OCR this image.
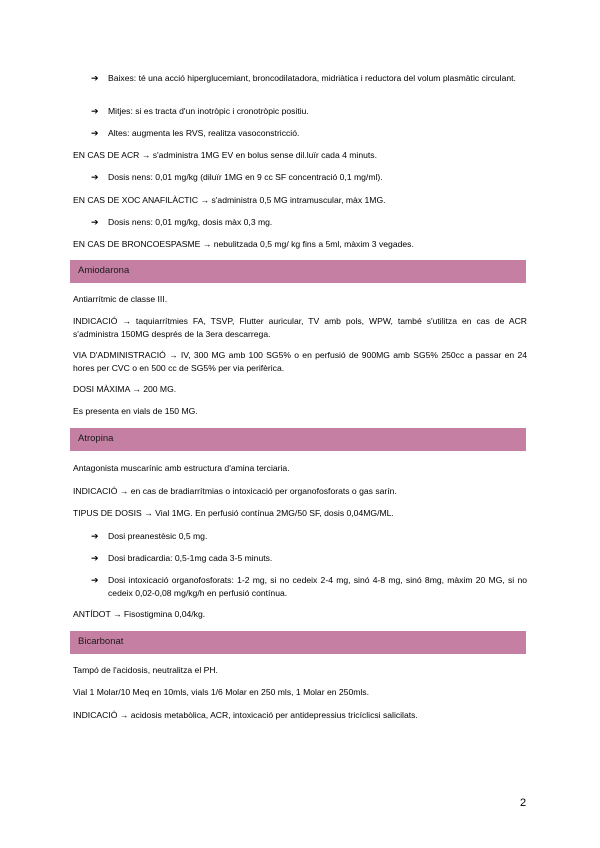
➔ Baixes: té una acció hiperglucemiant, broncodilatadora, midriàtica i reductora del volum plasmàtic circulant.
➔ Mitjes: si es tracta d'un inotròpic i cronotròpic positiu.
➔ Altes: augmenta les RVS, realitza vasoconstricció.
EN CAS DE ACR → s'administra 1MG EV en bolus sense dil.luïr cada 4 minuts.
➔ Dosis nens: 0,01 mg/kg (diluïr 1MG en 9 cc SF concentració 0,1 mg/ml).
EN CAS DE XOC ANAFILÀCTIC → s'administra 0,5 MG intramuscular, màx 1MG.
➔ Dosis nens: 0,01 mg/kg, dosis màx 0,3 mg.
EN CAS DE BRONCOESPASME → nebulitzada 0,5 mg/ kg fins a 5ml, màxim 3 vegades.
Amiodarona
Antiarrítmic de classe III.
INDICACIÓ → taquiarrítmies FA, TSVP, Flutter auricular, TV amb pols, WPW, també s'utilitza en cas de ACR s'administra 150MG després de la 3era descarrega.
VIA D'ADMINISTRACIÓ → IV, 300 MG amb 100 SG5% o en perfusió de 900MG amb SG5% 250cc a passar en 24 hores per CVC o en 500 cc de SG5% per via perifèrica.
DOSI MÀXIMA → 200 MG.
Es presenta en vials de 150 MG.
Atropina
Antagonista muscarínic amb estructura d'amina terciaria.
INDICACIÓ → en cas de bradiarrítmias o intoxicació per organofosforats o gas sarín.
TIPUS DE DOSIS → Vial 1MG. En perfusió contínua 2MG/50 SF, dosis 0,04MG/ML.
➔ Dosi preanestèsic 0,5 mg.
➔ Dosi bradicardia: 0,5-1mg cada 3-5 minuts.
➔ Dosi intoxicació organofosforats: 1-2 mg, si no cedeix 2-4 mg, sinó 4-8 mg, sinó 8mg, màxim 20 MG, si no cedeix 0,02-0,08 mg/kg/h en perfusió contínua.
ANTÍDOT → Fisostigmina 0,04/kg.
Bicarbonat
Tampó de l'acidosis, neutralitza el PH.
Vial 1 Molar/10 Meq en 10mls, vials 1/6 Molar en 250 mls, 1 Molar en 250mls.
INDICACIÓ → acidosis metabòlica, ACR, intoxicació per antidepressius tricíclicsi salicilats.
2
